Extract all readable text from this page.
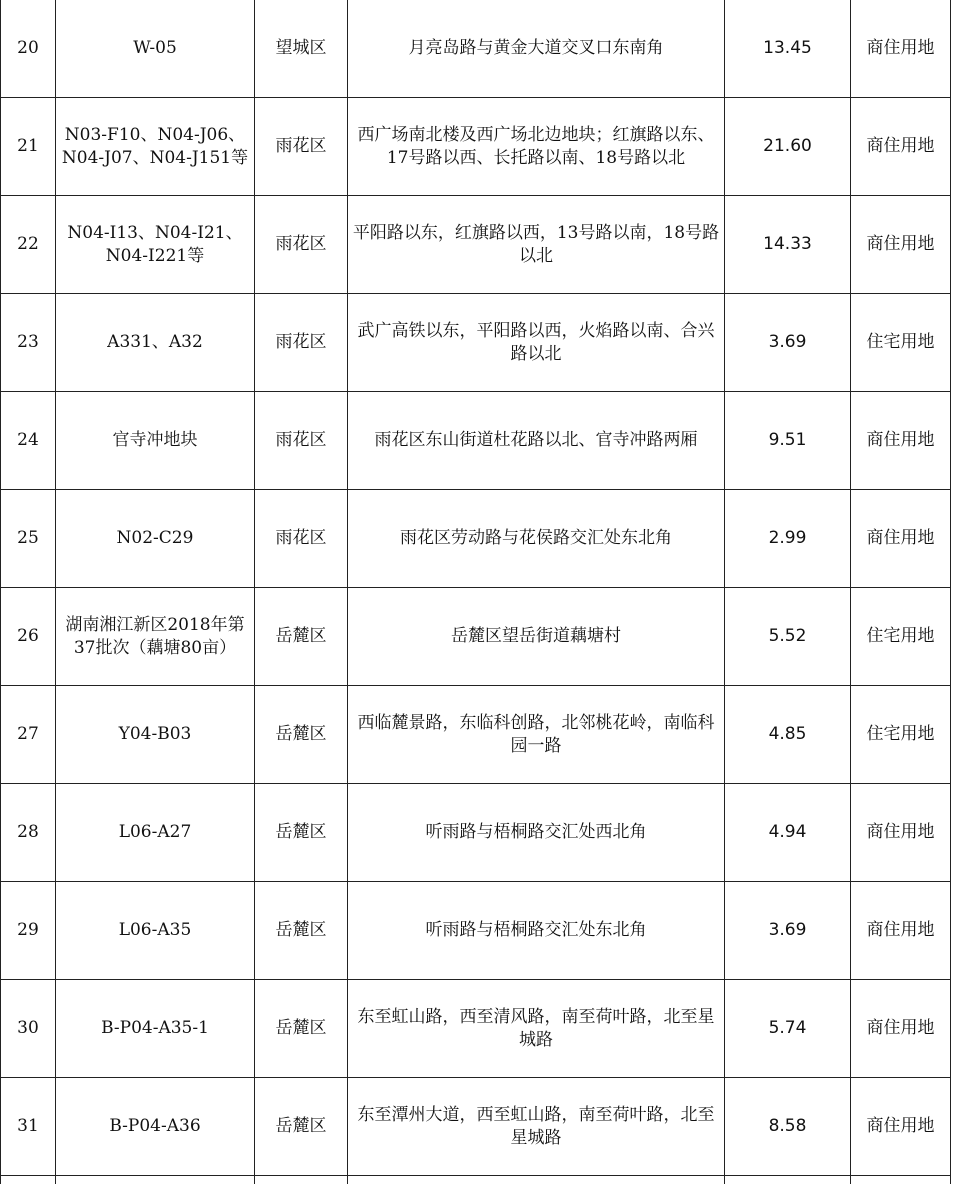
20	W-05	望城区	月亮岛路与黄金大道交叉口东南角	13.45	商住用地
21	N03-F10、N04-J06、N04-J07、N04-J151等	雨花区	西广场南北楼及西广场北边地块；红旗路以东、17号路以西、长托路以南、18号路以北	21.60	商住用地
22	N04-I13、N04-I21、N04-I221等	雨花区	平阳路以东，红旗路以西，13号路以南，18号路以北	14.33	商住用地
23	A331、A32	雨花区	武广高铁以东，平阳路以西，火焰路以南、合兴路以北	3.69	住宅用地
24	官寺冲地块	雨花区	雨花区东山街道杜花路以北、官寺冲路两厢	9.51	商住用地
25	N02-C29	雨花区	雨花区劳动路与花侯路交汇处东北角	2.99	商住用地
26	湖南湘江新区2018年第37批次（藕塘80亩）	岳麓区	岳麓区望岳街道藕塘村	5.52	住宅用地
27	Y04-B03	岳麓区	西临麓景路，东临科创路，北邻桃花岭，南临科园一路	4.85	住宅用地
28	L06-A27	岳麓区	听雨路与梧桐路交汇处西北角	4.94	商住用地
29	L06-A35	岳麓区	听雨路与梧桐路交汇处东北角	3.69	商住用地
30	B-P04-A35-1	岳麓区	东至虹山路，西至清风路，南至荷叶路，北至星城路	5.74	商住用地
31	B-P04-A36	岳麓区	东至潭州大道，西至虹山路，南至荷叶路，北至星城路	8.58	商住用地
